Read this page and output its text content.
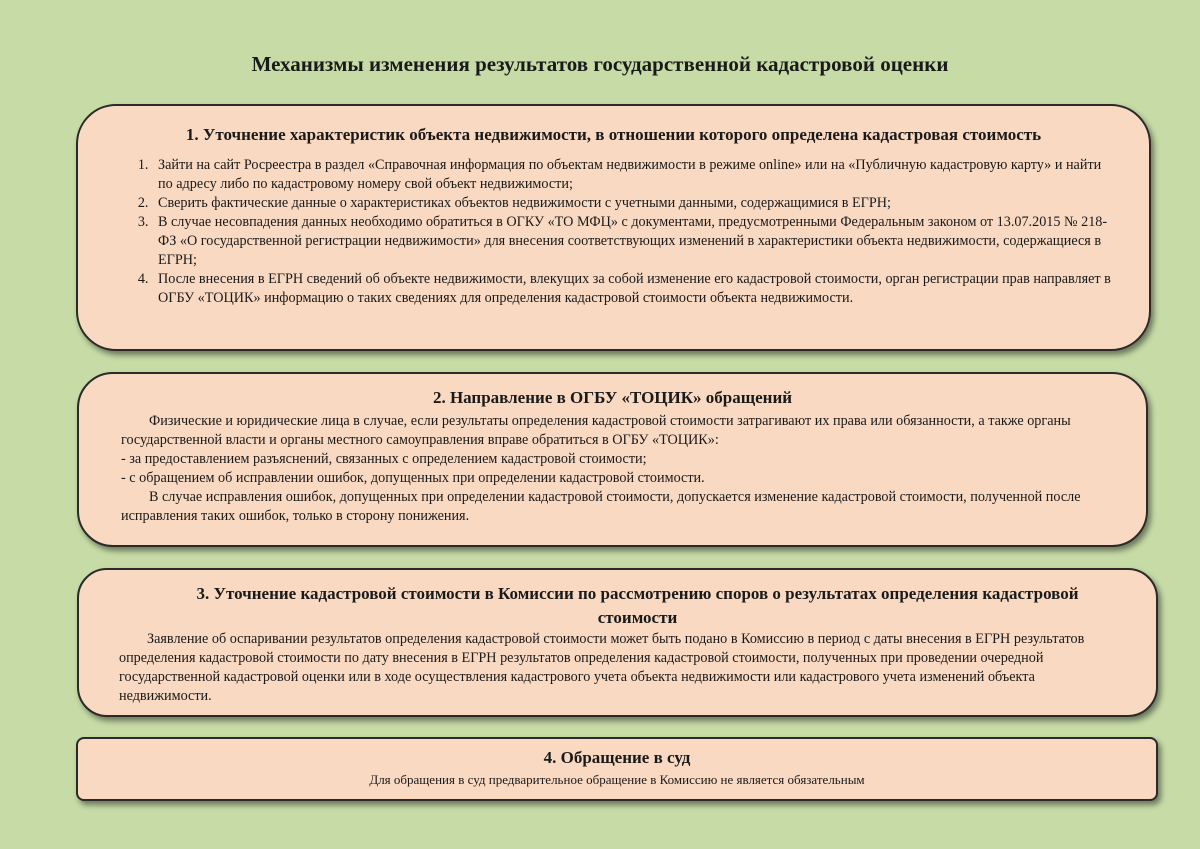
Механизмы изменения результатов государственной кадастровой оценки
1. Уточнение характеристик объекта недвижимости, в отношении которого определена кадастровая стоимость
1. Зайти на сайт Росреестра в раздел «Справочная информация по объектам недвижимости в режиме online» или на «Публичную кадастровую карту» и найти по адресу либо по кадастровому номеру свой объект недвижимости;
2. Сверить фактические данные о характеристиках объектов недвижимости с учетными данными, содержащимися в ЕГРН;
3. В случае несовпадения данных необходимо обратиться в ОГКУ «ТО МФЦ» с документами, предусмотренными Федеральным законом от 13.07.2015 № 218-ФЗ «О государственной регистрации недвижимости» для внесения соответствующих изменений в характеристики объекта недвижимости, содержащиеся в ЕГРН;
4. После внесения в ЕГРН сведений об объекте недвижимости, влекущих за собой изменение его кадастровой стоимости, орган регистрации прав направляет в ОГБУ «ТОЦИК» информацию о таких сведениях для определения кадастровой стоимости объекта недвижимости.
2. Направление в ОГБУ «ТОЦИК» обращений
Физические и юридические лица в случае, если результаты определения кадастровой стоимости затрагивают их права или обязанности, а также органы государственной власти и органы местного самоуправления вправе обратиться в ОГБУ «ТОЦИК»:
- за предоставлением разъяснений, связанных с определением кадастровой стоимости;
- с обращением об исправлении ошибок, допущенных при определении кадастровой стоимости.
В случае исправления ошибок, допущенных при определении кадастровой стоимости, допускается изменение кадастровой стоимости, полученной после исправления таких ошибок, только в сторону понижения.
3. Уточнение кадастровой стоимости в Комиссии по рассмотрению споров о результатах определения кадастровой стоимости
Заявление об оспаривании результатов определения кадастровой стоимости может быть подано в Комиссию в период с даты внесения в ЕГРН результатов определения кадастровой стоимости по дату внесения в ЕГРН результатов определения кадастровой стоимости, полученных при проведении очередной государственной кадастровой оценки или в ходе осуществления кадастрового учета объекта недвижимости или кадастрового учета изменений объекта недвижимости.
4. Обращение в суд
Для обращения в суд предварительное обращение в Комиссию не является обязательным
